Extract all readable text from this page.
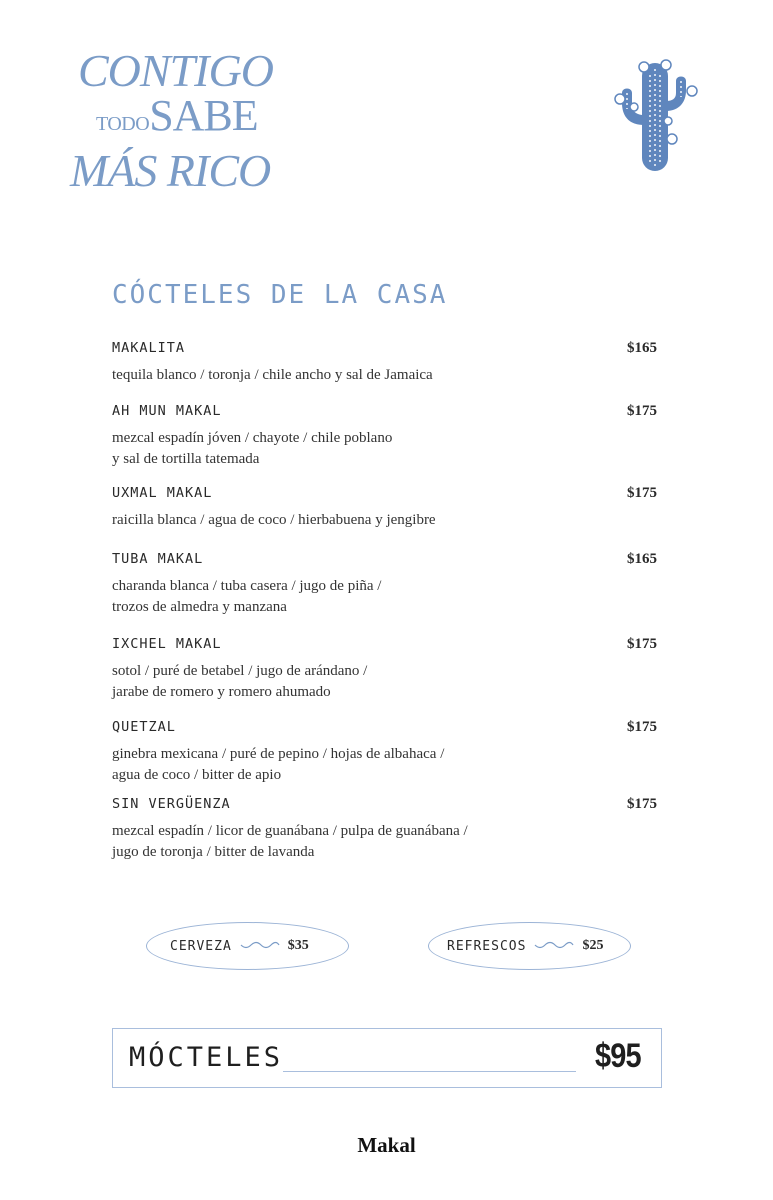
CONTIGO
TODOSABE
MÁS RICO
CÓCTELES DE LA CASA
MAKALITA	$165
tequila blanco / toronja / chile ancho y sal de Jamaica
AH MUN MAKAL	$175
mezcal espadín jóven / chayote / chile poblano
y sal de tortilla tatemada
UXMAL MAKAL	$175
raicilla blanca / agua de coco / hierbabuena y jengibre
TUBA MAKAL	$165
charanda blanca / tuba casera / jugo de piña /
trozos de almedra y manzana
IXCHEL MAKAL	$175
sotol / puré de betabel / jugo de arándano /
jarabe de romero y romero ahumado
QUETZAL	$175
ginebra mexicana / puré de pepino / hojas de albahaca /
agua de coco / bitter de apio
SIN VERGÜENZA	$175
mezcal espadín / licor de guanábana / pulpa de guanábana /
jugo de toronja / bitter de lavanda
CERVEZA	$35	REFRESCOS	$25
MÓCTELES	$95
Makal
